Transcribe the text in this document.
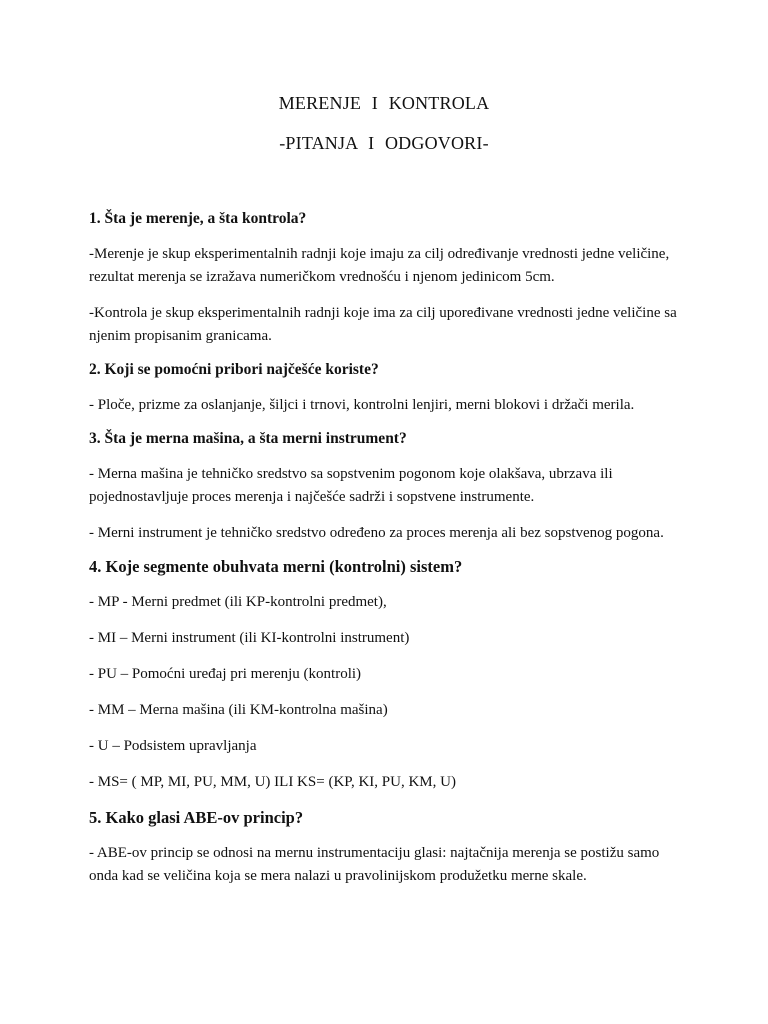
MERENJE I KONTROLA
-PITANJA I ODGOVORI-
1. Šta je merenje, a šta kontrola?
-Merenje je skup eksperimentalnih radnji koje imaju za cilj određivanje vrednosti jedne veličine, rezultat merenja se izražava numeričkom vrednošću i njenom jedinicom 5cm.
-Kontrola je skup eksperimentalnih radnji koje ima za cilj upoređivane vrednosti jedne veličine sa njenim propisanim granicama.
2. Koji se pomoćni pribori najčešće koriste?
- Ploče, prizme za oslanjanje, šiljci i trnovi, kontrolni lenjiri, merni blokovi i držači merila.
3. Šta je merna mašina, a šta merni instrument?
- Merna mašina je tehničko sredstvo sa sopstvenim pogonom koje olakšava, ubrzava ili pojednostavljuje proces merenja i najčešće sadrži i sopstvene instrumente.
- Merni instrument je tehničko sredstvo određeno za proces merenja ali bez sopstvenog pogona.
4. Koje segmente obuhvata merni (kontrolni) sistem?
- MP - Merni predmet (ili KP-kontrolni predmet),
- MI – Merni instrument (ili KI-kontrolni instrument)
- PU – Pomoćni uređaj pri merenju (kontroli)
- MM – Merna mašina (ili KM-kontrolna mašina)
- U – Podsistem upravljanja
- MS= ( MP, MI, PU, MM, U) ILI KS= (KP, KI, PU, KM, U)
5. Kako glasi ABE-ov princip?
- ABE-ov princip se odnosi na mernu instrumentaciju glasi: najtačnija merenja se postižu samo onda kad se veličina koja se mera nalazi u pravolinijskom produžetku merne skale.
